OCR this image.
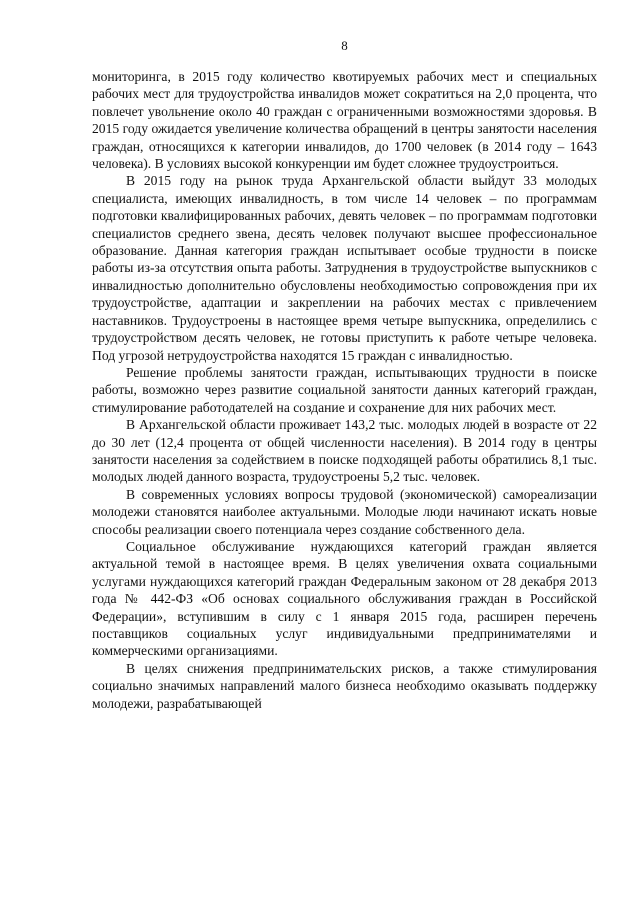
8

мониторинга, в 2015 году количество квотируемых рабочих мест и специальных рабочих мест для трудоустройства инвалидов может сократиться на 2,0 процента, что повлечет увольнение около 40 граждан с ограниченными возможностями здоровья. В 2015 году ожидается увеличение количества обращений в центры занятости населения граждан, относящихся к категории инвалидов, до 1700 человек (в 2014 году – 1643 человека). В условиях высокой конкуренции им будет сложнее трудоустроиться.

В 2015 году на рынок труда Архангельской области выйдут 33 молодых специалиста, имеющих инвалидность, в том числе 14 человек – по программам подготовки квалифицированных рабочих, девять человек – по программам подготовки специалистов среднего звена, десять человек получают высшее профессиональное образование. Данная категория граждан испытывает особые трудности в поиске работы из-за отсутствия опыта работы. Затруднения в трудоустройстве выпускников с инвалидностью дополнительно обусловлены необходимостью сопровождения при их трудоустройстве, адаптации и закреплении на рабочих местах с привлечением наставников. Трудоустроены в настоящее время четыре выпускника, определились с трудоустройством десять человек, не готовы приступить к работе четыре человека. Под угрозой нетрудоустройства находятся 15 граждан с инвалидностью.

Решение проблемы занятости граждан, испытывающих трудности в поиске работы, возможно через развитие социальной занятости данных категорий граждан, стимулирование работодателей на создание и сохранение для них рабочих мест.

В Архангельской области проживает 143,2 тыс. молодых людей в возрасте от 22 до 30 лет (12,4 процента от общей численности населения). В 2014 году в центры занятости населения за содействием в поиске подходящей работы обратились 8,1 тыс. молодых людей данного возраста, трудоустроены 5,2 тыс. человек.

В современных условиях вопросы трудовой (экономической) самореализации молодежи становятся наиболее актуальными. Молодые люди начинают искать новые способы реализации своего потенциала через создание собственного дела.

Социальное обслуживание нуждающихся категорий граждан является актуальной темой в настоящее время. В целях увеличения охвата социальными услугами нуждающихся категорий граждан Федеральным законом от 28 декабря 2013 года № 442-ФЗ «Об основах социального обслуживания граждан в Российской Федерации», вступившим в силу с 1 января 2015 года, расширен перечень поставщиков социальных услуг индивидуальными предпринимателями и коммерческими организациями.

В целях снижения предпринимательских рисков, а также стимулирования социально значимых направлений малого бизнеса необходимо оказывать поддержку молодежи, разрабатывающей
